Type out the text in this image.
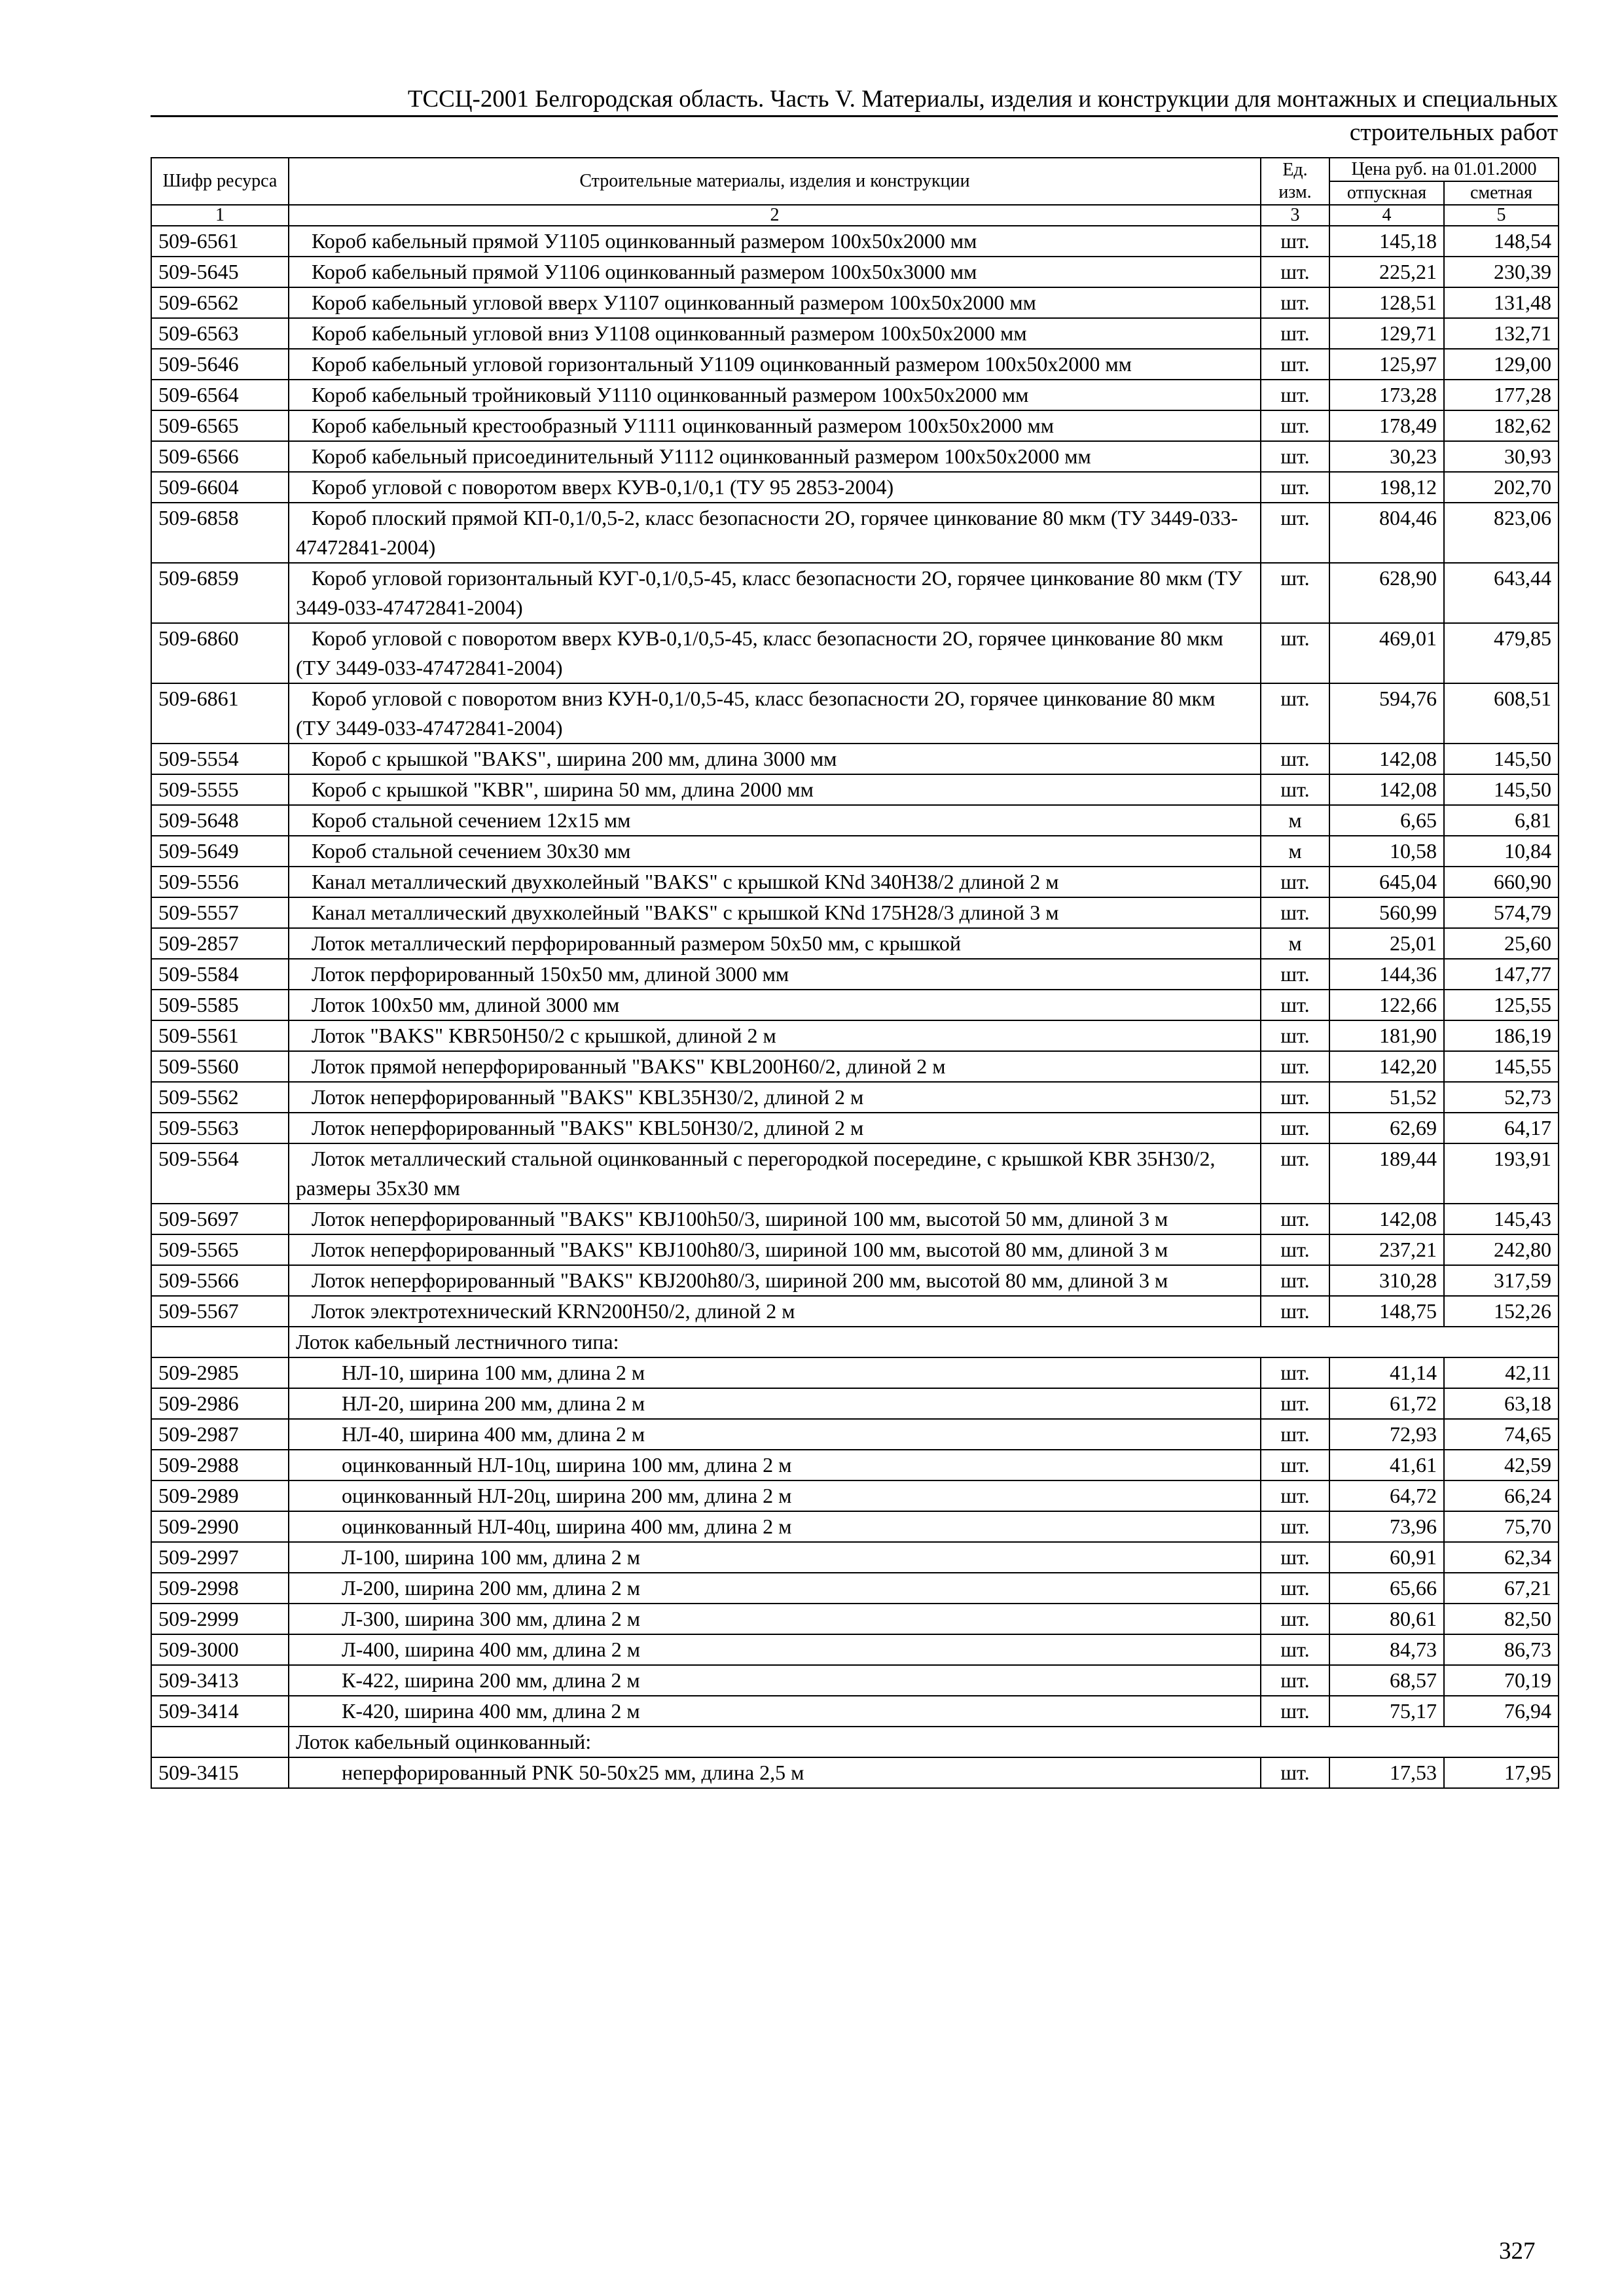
ТССЦ-2001 Белгородская область. Часть V. Материалы, изделия и конструкции для монтажных и специальных
строительных работ
Шифр ресурса	Строительные материалы, изделия и конструкции	Ед. изм.	Цена руб. на 01.01.2000	
			отпускная	сметная
1	2	3	4	5
509-6561	Короб кабельный прямой У1105 оцинкованный размером 100х50х2000 мм	шт.	145,18	148,54
509-5645	Короб кабельный прямой У1106 оцинкованный размером 100х50х3000 мм	шт.	225,21	230,39
509-6562	Короб кабельный угловой вверх У1107 оцинкованный размером 100х50х2000 мм	шт.	128,51	131,48
509-6563	Короб кабельный угловой вниз У1108 оцинкованный размером 100х50х2000 мм	шт.	129,71	132,71
509-5646	Короб кабельный угловой горизонтальный У1109 оцинкованный размером 100х50х2000 мм	шт.	125,97	129,00
509-6564	Короб кабельный тройниковый У1110 оцинкованный размером 100х50х2000 мм	шт.	173,28	177,28
509-6565	Короб кабельный крестообразный У1111 оцинкованный размером 100х50х2000 мм	шт.	178,49	182,62
509-6566	Короб кабельный присоединительный У1112 оцинкованный размером 100х50х2000 мм	шт.	30,23	30,93
509-6604	Короб угловой с поворотом вверх КУВ-0,1/0,1 (ТУ 95 2853-2004)	шт.	198,12	202,70
509-6858	Короб плоский прямой КП-0,1/0,5-2, класс безопасности 2О, горячее цинкование 80 мкм (ТУ 3449-033-47472841-2004)	шт.	804,46	823,06
509-6859	Короб угловой горизонтальный КУГ-0,1/0,5-45, класс безопасности 2О, горячее цинкование 80 мкм (ТУ 3449-033-47472841-2004)	шт.	628,90	643,44
509-6860	Короб угловой с поворотом вверх КУВ-0,1/0,5-45, класс безопасности 2О, горячее цинкование 80 мкм (ТУ 3449-033-47472841-2004)	шт.	469,01	479,85
509-6861	Короб угловой с поворотом вниз КУН-0,1/0,5-45, класс безопасности 2О, горячее цинкование 80 мкм (ТУ 3449-033-47472841-2004)	шт.	594,76	608,51
509-5554	Короб с крышкой "BAKS", ширина 200 мм, длина 3000 мм	шт.	142,08	145,50
509-5555	Короб с крышкой "KBR", ширина 50 мм, длина 2000 мм	шт.	142,08	145,50
509-5648	Короб стальной сечением 12х15 мм	м	6,65	6,81
509-5649	Короб стальной сечением 30х30 мм	м	10,58	10,84
509-5556	Канал металлический двухколейный "BAKS" с крышкой KNd 340H38/2 длиной 2 м	шт.	645,04	660,90
509-5557	Канал металлический двухколейный "BAKS" с крышкой KNd 175H28/3 длиной 3 м	шт.	560,99	574,79
509-2857	Лоток металлический перфорированный размером 50х50 мм, с крышкой	м	25,01	25,60
509-5584	Лоток перфорированный 150х50 мм, длиной 3000 мм	шт.	144,36	147,77
509-5585	Лоток 100х50 мм, длиной 3000 мм	шт.	122,66	125,55
509-5561	Лоток "BAKS" KBR50H50/2 с крышкой, длиной 2 м	шт.	181,90	186,19
509-5560	Лоток прямой неперфорированный "BAKS" KBL200H60/2, длиной 2 м	шт.	142,20	145,55
509-5562	Лоток неперфорированный "BAKS" KBL35H30/2, длиной 2 м	шт.	51,52	52,73
509-5563	Лоток неперфорированный "BAKS" KBL50H30/2, длиной 2 м	шт.	62,69	64,17
509-5564	Лоток металлический стальной оцинкованный с перегородкой посередине, с крышкой KBR 35H30/2, размеры 35х30 мм	шт.	189,44	193,91
509-5697	Лоток неперфорированный "BAKS" KBJ100h50/3, шириной 100 мм, высотой 50 мм, длиной 3 м	шт.	142,08	145,43
509-5565	Лоток неперфорированный "BAKS" KBJ100h80/3, шириной 100 мм, высотой 80 мм, длиной 3 м	шт.	237,21	242,80
509-5566	Лоток неперфорированный "BAKS" KBJ200h80/3, шириной 200 мм, высотой 80 мм, длиной 3 м	шт.	310,28	317,59
509-5567	Лоток электротехнический KRN200H50/2, длиной 2 м	шт.	148,75	152,26
	Лоток кабельный лестничного типа:			
509-2985	НЛ-10, ширина 100 мм, длина 2 м	шт.	41,14	42,11
509-2986	НЛ-20, ширина 200 мм, длина 2 м	шт.	61,72	63,18
509-2987	НЛ-40, ширина 400 мм, длина 2 м	шт.	72,93	74,65
509-2988	оцинкованный НЛ-10ц, ширина 100 мм, длина 2 м	шт.	41,61	42,59
509-2989	оцинкованный НЛ-20ц, ширина 200 мм, длина 2 м	шт.	64,72	66,24
509-2990	оцинкованный НЛ-40ц, ширина 400 мм, длина 2 м	шт.	73,96	75,70
509-2997	Л-100, ширина 100 мм, длина 2 м	шт.	60,91	62,34
509-2998	Л-200, ширина 200 мм, длина 2 м	шт.	65,66	67,21
509-2999	Л-300, ширина 300 мм, длина 2 м	шт.	80,61	82,50
509-3000	Л-400, ширина 400 мм, длина 2 м	шт.	84,73	86,73
509-3413	К-422, ширина 200 мм, длина 2 м	шт.	68,57	70,19
509-3414	К-420, ширина 400 мм, длина 2 м	шт.	75,17	76,94
	Лоток кабельный оцинкованный:			
509-3415	неперфорированный PNK 50-50х25 мм, длина 2,5 м	шт.	17,53	17,95
327
